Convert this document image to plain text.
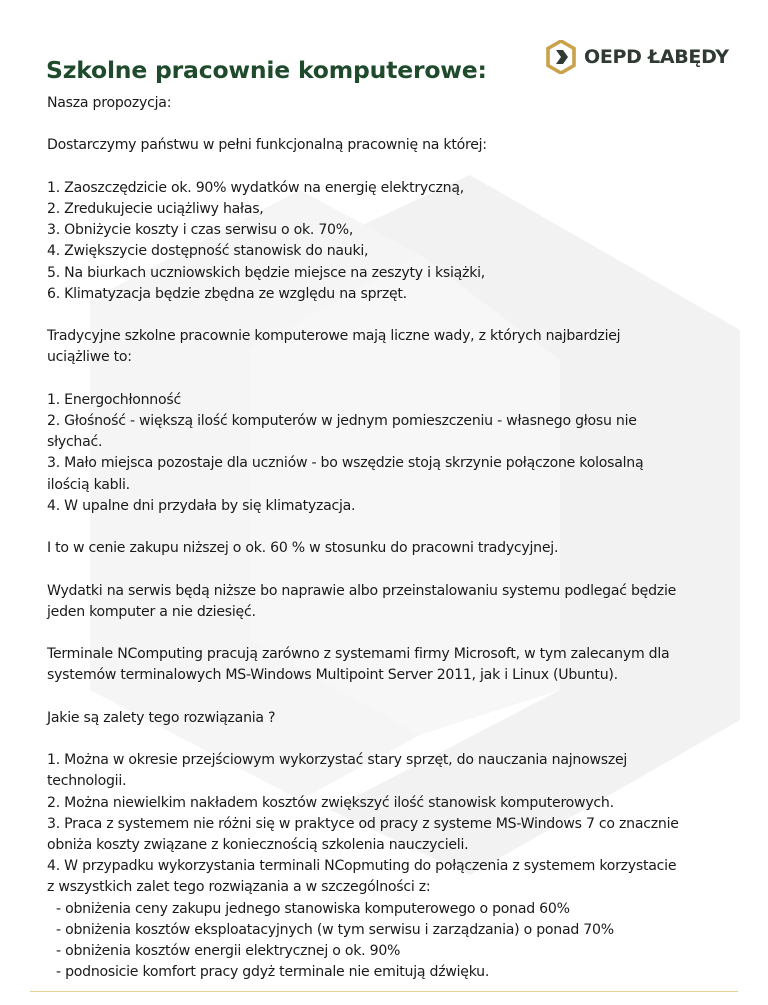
OEPD ŁABĘDY
Szkolne pracownie komputerowe:

Nasza propozycja:

Dostarczymy państwu w pełni funkcjonalną pracownię na której:

1. Zaoszczędzicie ok. 90% wydatków na energię elektryczną,
2. Zredukujecie uciążliwy hałas,
3. Obniżycie koszty i czas serwisu o ok. 70%,
4. Zwiększycie dostępność stanowisk do nauki,
5. Na biurkach uczniowskich będzie miejsce na zeszyty i książki,
6. Klimatyzacja będzie zbędna ze względu na sprzęt.

Tradycyjne szkolne pracownie komputerowe mają liczne wady, z których najbardziej
uciążliwe to:

1. Energochłonność
2. Głośność - większą ilość komputerów w jednym pomieszczeniu - własnego głosu nie
słychać.
3. Mało miejsca pozostaje dla uczniów - bo wszędzie stoją skrzynie połączone kolosalną
ilością kabli.
4. W upalne dni przydała by się klimatyzacja.

I to w cenie zakupu niższej o ok. 60 % w stosunku do pracowni tradycyjnej.

Wydatki na serwis będą niższe bo naprawie albo przeinstalowaniu systemu podlegać będzie
jeden komputer a nie dziesięć.

Terminale NComputing pracują zarówno z systemami firmy Microsoft, w tym zalecanym dla
systemów terminalowych MS-Windows Multipoint Server 2011, jak i Linux (Ubuntu).

Jakie są zalety tego rozwiązania ?

1. Można w okresie przejściowym wykorzystać stary sprzęt, do nauczania najnowszej
technologii.
2. Można niewielkim nakładem kosztów zwiększyć ilość stanowisk komputerowych.
3. Praca z systemem nie różni się w praktyce od pracy z systeme MS-Windows 7 co znacznie
obniża koszty związane z koniecznością szkolenia nauczycieli.
4. W przypadku wykorzystania terminali NCopmuting do połączenia z systemem korzystacie
z wszystkich zalet tego rozwiązania a w szczególności z:
- obniżenia ceny zakupu jednego stanowiska komputerowego o ponad 60%
- obniżenia kosztów eksploatacyjnych (w tym serwisu i zarządzania) o ponad 70%
- obniżenia kosztów energii elektrycznej o ok. 90%
- podnosicie komfort pracy gdyż terminale nie emitują dźwięku.
